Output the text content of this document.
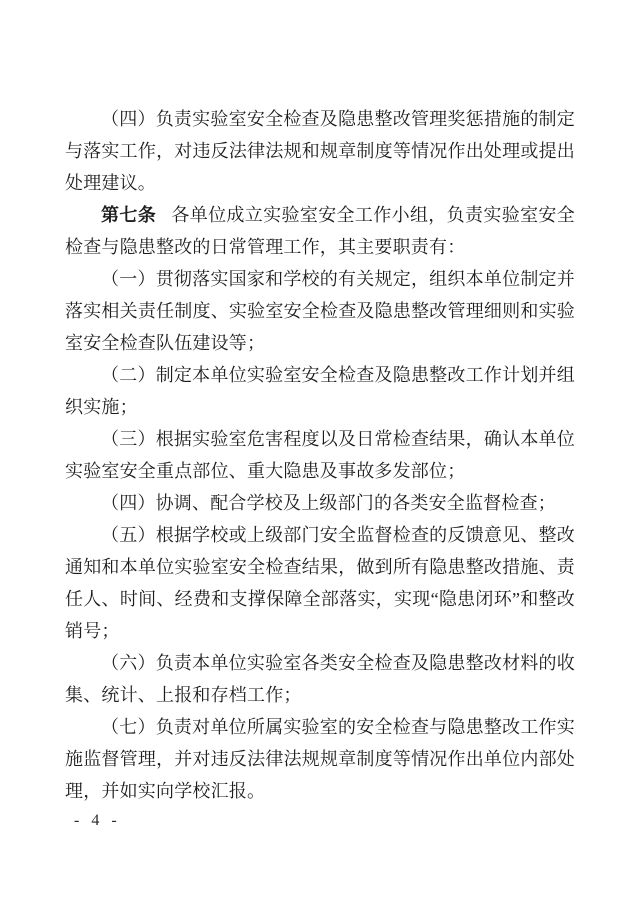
（四）负责实验室安全检查及隐患整改管理奖惩措施的制定与落实工作，对违反法律法规和规章制度等情况作出处理或提出处理建议。

第七条 各单位成立实验室安全工作小组，负责实验室安全检查与隐患整改的日常管理工作，其主要职责有：

（一）贯彻落实国家和学校的有关规定，组织本单位制定并落实相关责任制度、实验室安全检查及隐患整改管理细则和实验室安全检查队伍建设等；

（二）制定本单位实验室安全检查及隐患整改工作计划并组织实施；

（三）根据实验室危害程度以及日常检查结果，确认本单位实验室安全重点部位、重大隐患及事故多发部位；

（四）协调、配合学校及上级部门的各类安全监督检查；

（五）根据学校或上级部门安全监督检查的反馈意见、整改通知和本单位实验室安全检查结果，做到所有隐患整改措施、责任人、时间、经费和支撑保障全部落实，实现“隐患闭环”和整改销号；

（六）负责本单位实验室各类安全检查及隐患整改材料的收集、统计、上报和存档工作；

（七）负责对单位所属实验室的安全检查与隐患整改工作实施监督管理，并对违反法律法规规章制度等情况作出单位内部处理，并如实向学校汇报。

- 4 -
